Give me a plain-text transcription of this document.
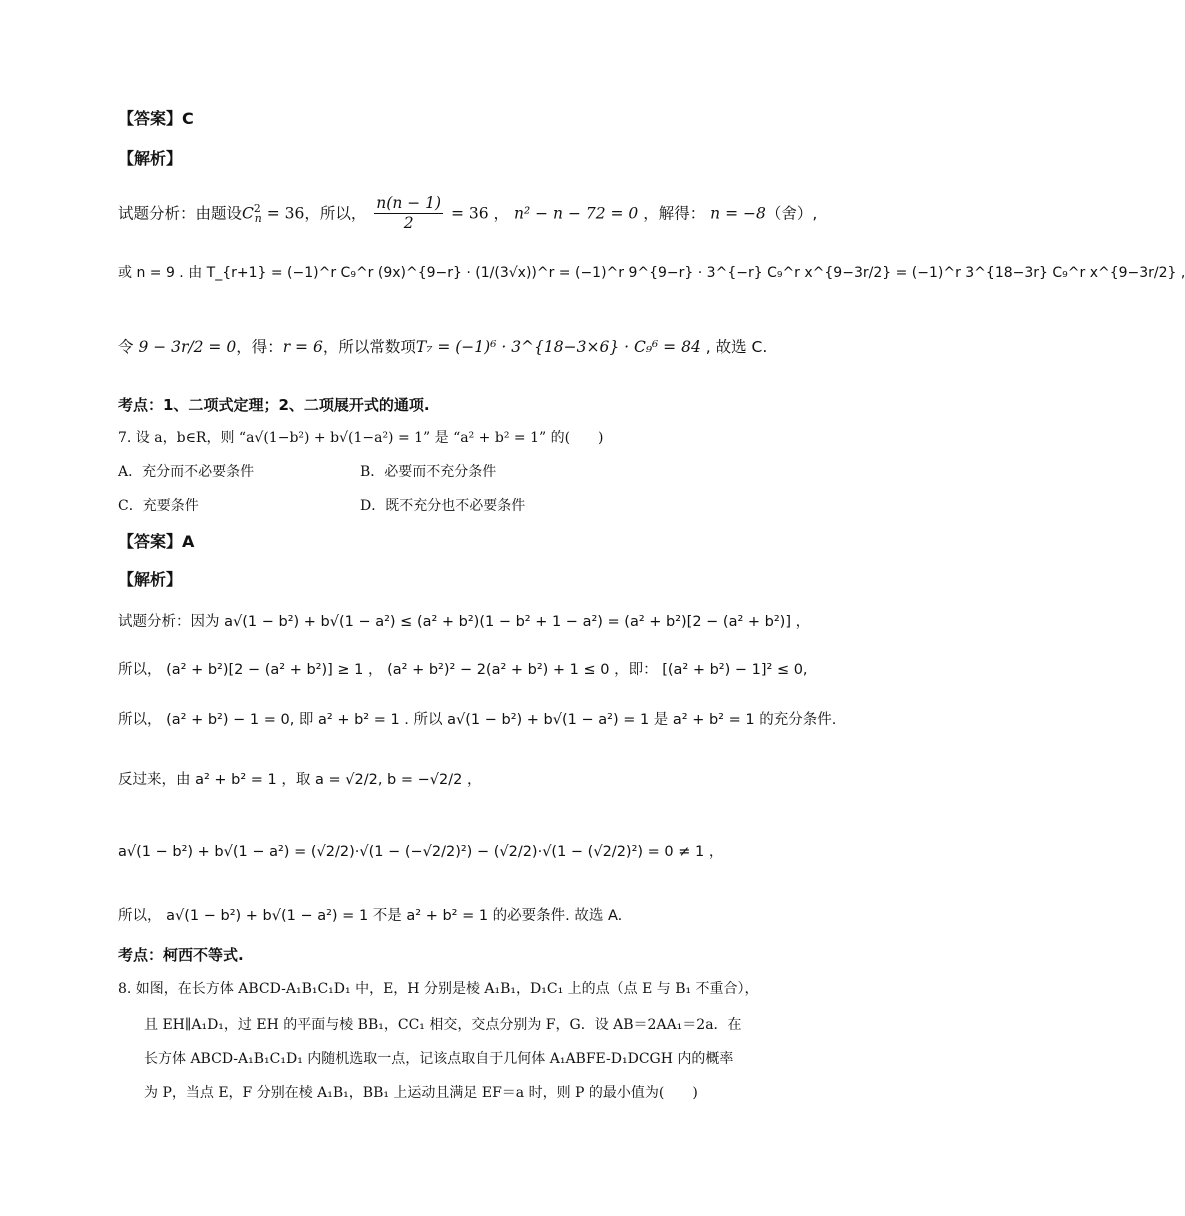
【答案】C
【解析】
试题分析：由题设$C^2_n = 36$，所以， $\frac{n(n - 1)}{2} = 36$ ， n² − n − 72 = 0 ，解得： n = −8（舍）,
或 n = 9 . 由 T_{r+1} = (−1)^r C₉^r (9x)^{9−r} · (1/(3√x))^r = (−1)^r 9^{9−r} · 3^{−r} C₉^r x^{9−3r/2} = (−1)^r 3^{18−3r} C₉^r x^{9−3r/2} ,
令 9 − 3r/2 = 0，得：r = 6，所以常数项T₇ = (−1)⁶ · 3^{18−3×6} · C₉⁶ = 84 , 故选 C.
考点：1、二项式定理；2、二项展开式的通项.
7. 设 a，b∈R，则 “a√(1−b²) + b√(1−a²) = 1” 是 “a² + b² = 1” 的(　　)
A．充分而不必要条件	B．必要而不充分条件
C．充要条件	D．既不充分也不必要条件
【答案】A
【解析】
试题分析：因为 a√(1 − b²) + b√(1 − a²) ≤ (a² + b²)(1 − b² + 1 − a²) = (a² + b²)[2 − (a² + b²)] ，
所以， (a² + b²)[2 − (a² + b²)] ≥ 1 ， (a² + b²)² − 2(a² + b²) + 1 ≤ 0 ，即： [(a² + b²) − 1]² ≤ 0,
所以， (a² + b²) − 1 = 0, 即 a² + b² = 1 . 所以 a√(1 − b²) + b√(1 − a²) = 1 是 a² + b² = 1 的充分条件.
反过来，由 a² + b² = 1 ，取 a = √2/2, b = −√2/2 ，
a√(1 − b²) + b√(1 − a²) = (√2/2)·√(1 − (−√2/2)²) − (√2/2)·√(1 − (√2/2)²) = 0 ≠ 1 ，
所以， a√(1 − b²) + b√(1 − a²) = 1 不是 a² + b² = 1 的必要条件. 故选 A.
考点：柯西不等式.
8. 如图，在长方体 ABCD-A₁B₁C₁D₁ 中，E，H 分别是棱 A₁B₁，D₁C₁ 上的点（点 E 与 B₁ 不重合），
且 EH∥A₁D₁，过 EH 的平面与棱 BB₁，CC₁ 相交，交点分别为 F，G．设 AB＝2AA₁＝2a．在
长方体 ABCD-A₁B₁C₁D₁ 内随机选取一点，记该点取自于几何体 A₁ABFE-D₁DCGH 内的概率
为 P，当点 E，F 分别在棱 A₁B₁，BB₁ 上运动且满足 EF＝a 时，则 P 的最小值为(　　)
